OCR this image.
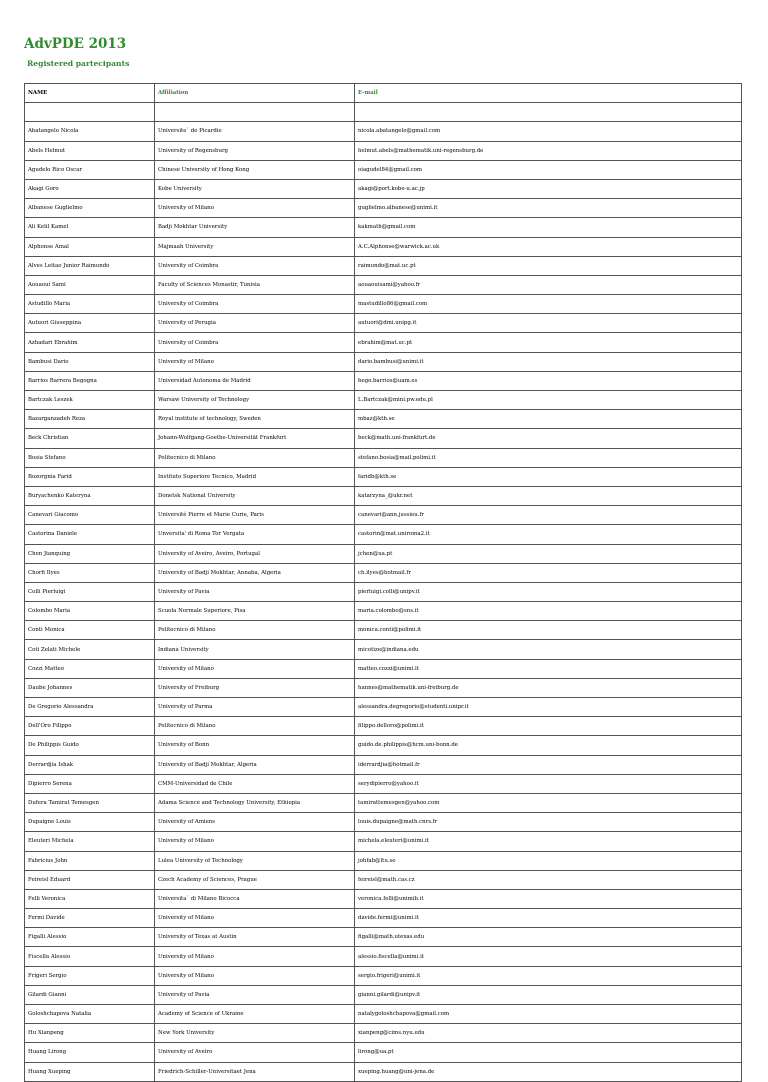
AdvPDE 2013
Registered partecipants
NAME	Affiliation	E-mail

Abatangelo Nicola	Universite` de Picardie	nicola.abatangelo@gmail.com
Abels Helmut	University of Regensburg	helmut.abels@mathematik.uni-regensburg.de
Agudelo Rico Oscar	Chinese University of Hong Kong	oiagudel84@gmail.com
Akagi Goro	Kobe University	akagi@port.kobe-u.ac.jp
Albanese Guglielmo	University of Milano	guglielmo.albanese@unimi.it
Ali Kelil Kamel	Badji Mokhtar University	kakmath@gmail.com
Alphonse Amal	Majmaah University	A.C.Alphonse@warwick.ac.uk
Alves Leitao Junior Raimundo	University of Coimbra	raimundo@mat.uc.pt
Aouaoui Sami	Faculty of Sciences Monastir, Tunisia	aouaouisami@yahoo.fr
Astudillo Maria	University of Coimbra	mastudillo86@gmail.com
Autuori Giuseppina	University of Perugia	autuori@dmi.unipg.it
Azhadari Ebrahim	University of Coimbra	ebrahim@mat.uc.pt
Bambusi Dario	University of Milano	dario.bambusi@unimi.it
Barrios Barrera Begogna	Universidad Autonoma de Madrid	bego.barrios@uam.es
Bartczak Leszek	Warsaw University of Technology	L.Bartczak@mini.pw.edu.pl
Bazarganzadeh Reza	Royal institute of technology, Sweden	mbaz@kth.se
Beck Christian	Johann-Wolfgang-Goethe-Universität Frankfurt	beck@math.uni-frankfurt.de
Bosia Stefano	Politecnico di Milano	stefano.bosia@mail.polimi.it
Bozorgnia Farid	Instituto Superiore Tecnico, Madrid	faridb@kth.se
Buryachenko Kateryna	Donetsk National University	katarzyna_@ukr.net
Canevari Giacomo	Université Pierre et Marie Curie, Paris	canevari@ann.jussieu.fr
Castorina Daniele	Unversita' di Roma Tor Vergata	castorin@mat.uniroma2.it
Chen Jianquing	University of Aveiro, Aveiro, Portugal	jchen@ua.pt
Chorfi Ilyes	University of Badji Mokhtar, Annaba, Algeria	ch.ilyes@hotmail.fr
Colli Pierluigi	University of Pavia	pierluigi.colli@unipv.it
Colombo Maria	Scuola Normale Superiore, Pisa	maria.colombo@sns.it
Conti Monica	Politecnico di Milano	monica.conti@polimi.it
Coti Zelati Michele	Indiana University	micotize@indiana.edu
Cozzi Matteo	University of Milano	matteo.cozzi@unimi.it
Daube Johannes	University of Freiburg	hannes@mathematik.uni-freiburg.de
De Gregorio Alessandra	University of Parma	alessandra.degregorio@studenti.unipr.it
Dell'Oro Filippo	Politecnico di Milano	filippo.delloro@polimi.it
De Philippis Guido	University of Bonn	guido.de.philippis@hcm.uni-bonn.de
Derrardjia Ishak	University of Badji Mokhtar, Algeria	iderrardjia@hotmail.fr
Dipierro Serena	CMM-Universidad de Chile	serydipierro@yahoo.it
Dufera Tamirat Temesgen	Adama Science and Technology University, Ethiopia	tamirattemesgen@yahoo.com
Dupaigne Louis	University of Amiens	louis.dupaigne@math.cnrs.fr
Eleuteri Michela	University of Milano	michela.eleuteri@unimi.it
Fabricius John	Lulea University of Technology	johfab@ltu.se
Feireisl Eduard	Czech Academy of Sciences, Prague	feireisl@math.cas.cz
Felli Veronica	Universita` di Milano Bicocca	veronica.felli@unimib.it
Fermi Davide	University of Milano	davide.fermi@unimi.it
Figalli Alessio	University of Texas at Austin	figalli@math.utexas.edu
Fiscella Alessio	University of Milano	alessio.fiscella@unimi.it
Frigeri Sergio	University of Milano	sergio.frigeri@unimi.it
Gilardi Gianni	University of Pavia	gianni.gilardi@unipv.it
Goloshchapova Natalia	Academy of Science of Ukraine	natalygoloshchapova@gmail.com
Hu Xianpeng	New York University	xianpeng@cims.nyu.edu
Huang Lirong	University of Aveiro	lirong@ua.pt
Huang Xueping	Friedrich-Schiller-Universitaet Jena	xueping.huang@uni-jena.de
